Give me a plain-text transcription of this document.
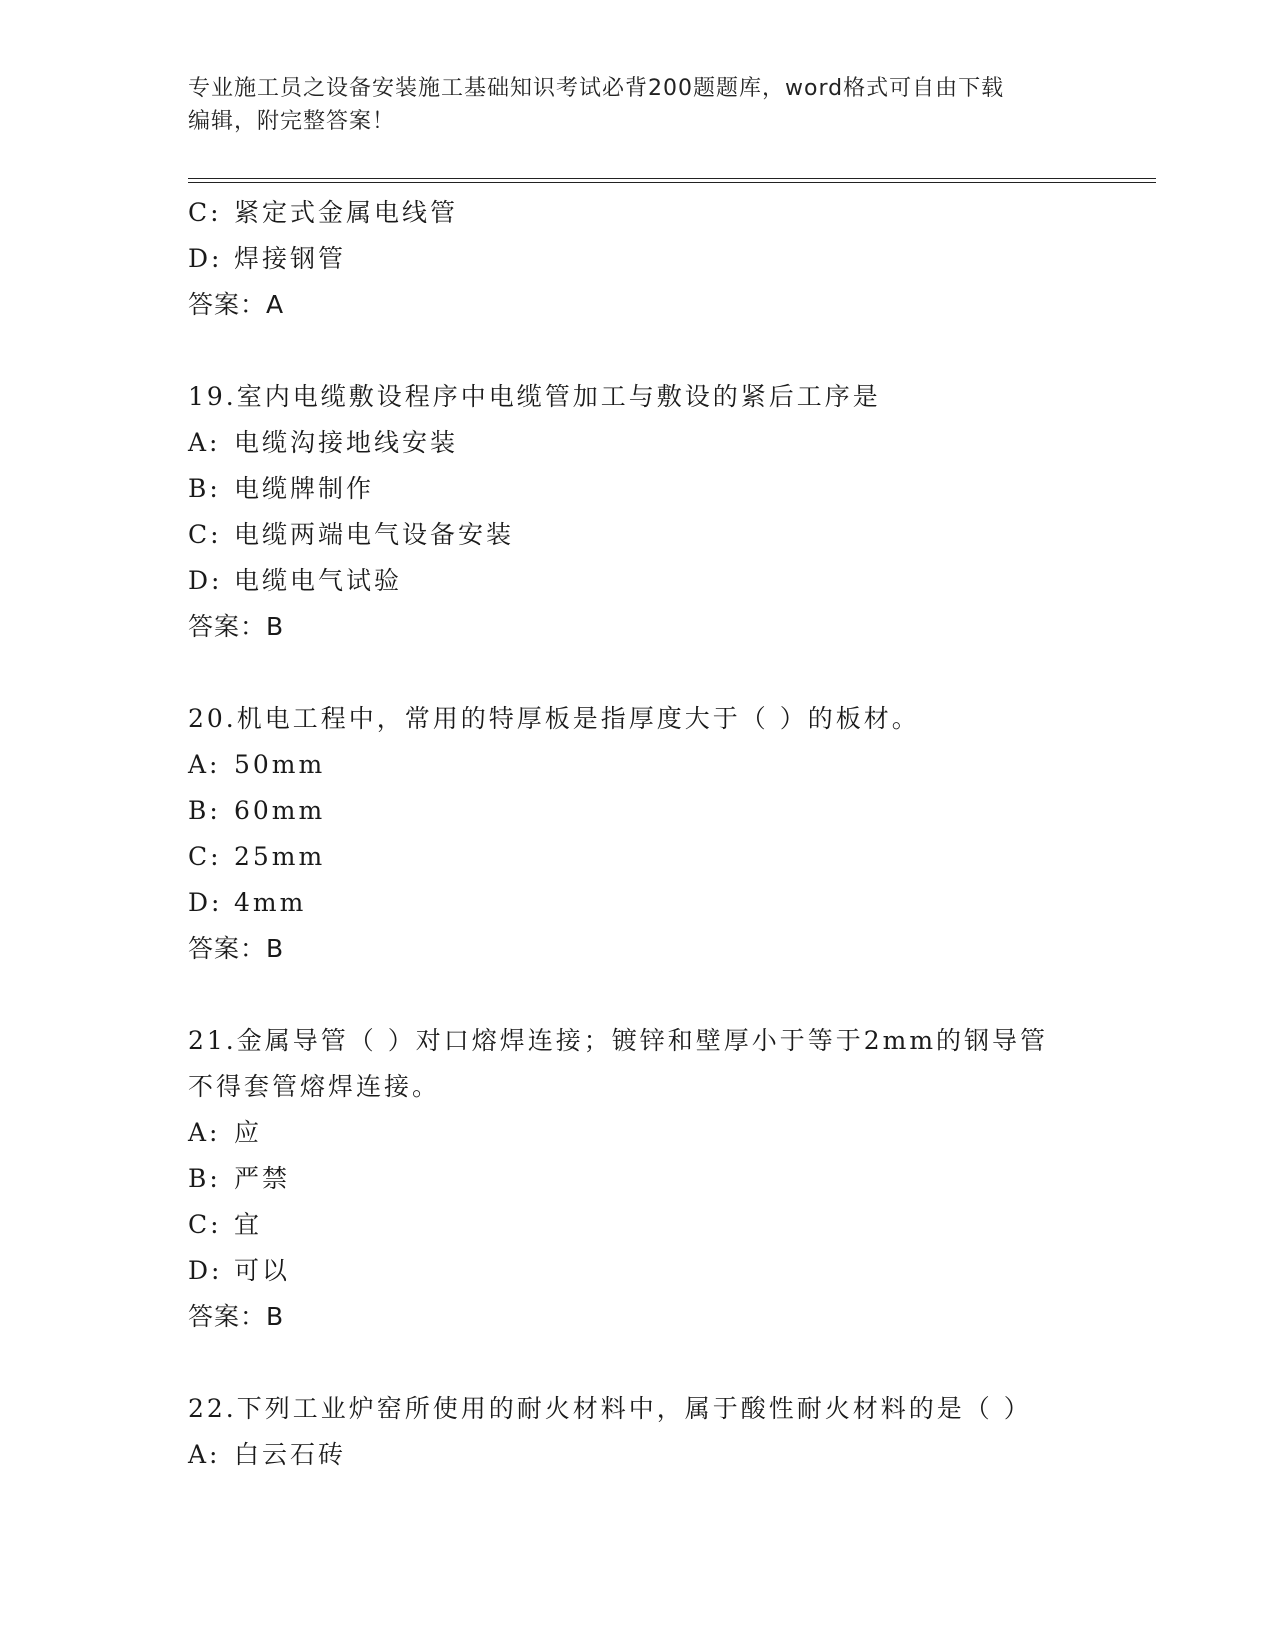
专业施工员之设备安装施工基础知识考试必背200题题库，word格式可自由下载
编辑，附完整答案！
C: 紧定式金属电线管
D: 焊接钢管
答案：A
19.室内电缆敷设程序中电缆管加工与敷设的紧后工序是
A: 电缆沟接地线安装
B: 电缆牌制作
C: 电缆两端电气设备安装
D: 电缆电气试验
答案：B
20.机电工程中，常用的特厚板是指厚度大于（ ）的板材。
A: 50mm
B: 60mm
C: 25mm
D: 4mm
答案：B
21.金属导管（ ）对口熔焊连接；镀锌和壁厚小于等于2mm的钢导管
不得套管熔焊连接。
A: 应
B: 严禁
C: 宜
D: 可以
答案：B
22.下列工业炉窑所使用的耐火材料中，属于酸性耐火材料的是（ ）
A: 白云石砖
